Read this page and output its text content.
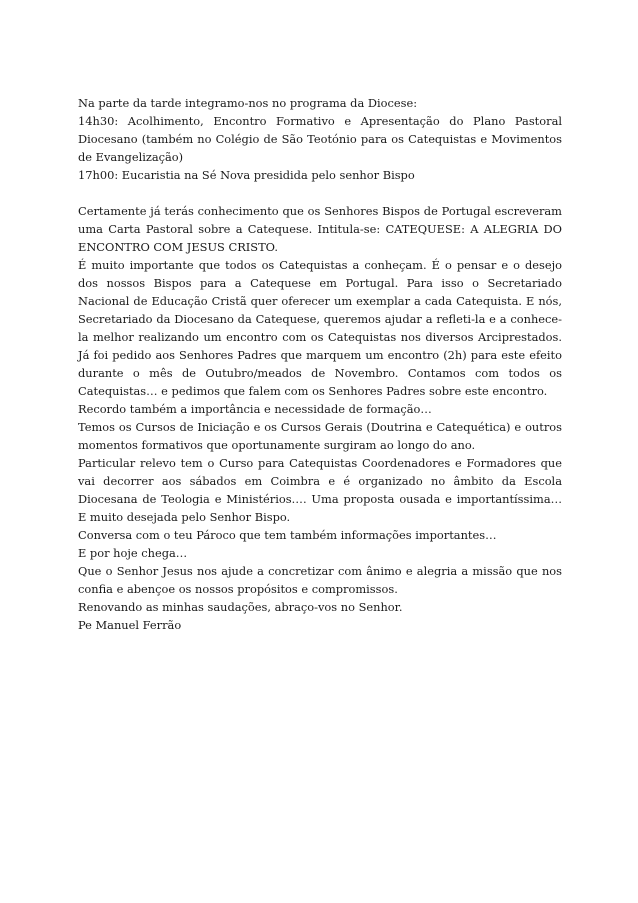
Na parte da tarde integramo-nos no programa da Diocese:

14h30: Acolhimento, Encontro Formativo e Apresentação do Plano Pastoral Diocesano (também no Colégio de São Teotónio para os Catequistas e Movimentos de Evangelização)

17h00: Eucaristia na Sé Nova presidida pelo senhor Bispo

Certamente já terás conhecimento que os Senhores Bispos de Portugal escreveram uma Carta Pastoral sobre a Catequese. Intitula-se: CATEQUESE: A ALEGRIA DO ENCONTRO COM JESUS CRISTO.

É muito importante que todos os Catequistas a conheçam. É o pensar e o desejo dos nossos Bispos para a Catequese em Portugal. Para isso o Secretariado Nacional de Educação Cristã quer oferecer um exemplar a cada Catequista. E nós, Secretariado da Diocesano da Catequese, queremos ajudar a refleti-la e a conhece-la melhor realizando um encontro com os Catequistas nos diversos Arciprestados. Já foi pedido aos Senhores Padres que marquem um encontro (2h) para este efeito durante o mês de Outubro/meados de Novembro. Contamos com todos os Catequistas… e pedimos que falem com os Senhores Padres sobre este encontro.

Recordo também a importância e necessidade de formação…

Temos os Cursos de Iniciação e os Cursos Gerais (Doutrina e Catequética) e outros momentos formativos que oportunamente surgiram ao longo do ano.

Particular relevo tem o Curso para Catequistas Coordenadores e Formadores que vai decorrer aos sábados em Coimbra e é organizado no âmbito da Escola Diocesana de Teologia e Ministérios…. Uma proposta ousada e importantíssima… E muito desejada pelo Senhor Bispo.

Conversa com o teu Pároco que tem também informações importantes…

E por hoje chega…

Que o Senhor Jesus nos ajude a concretizar com ânimo e alegria a missão que nos confia e abençoe os nossos propósitos e compromissos.

Renovando as minhas saudações, abraço-vos no Senhor.

Pe Manuel Ferrão
